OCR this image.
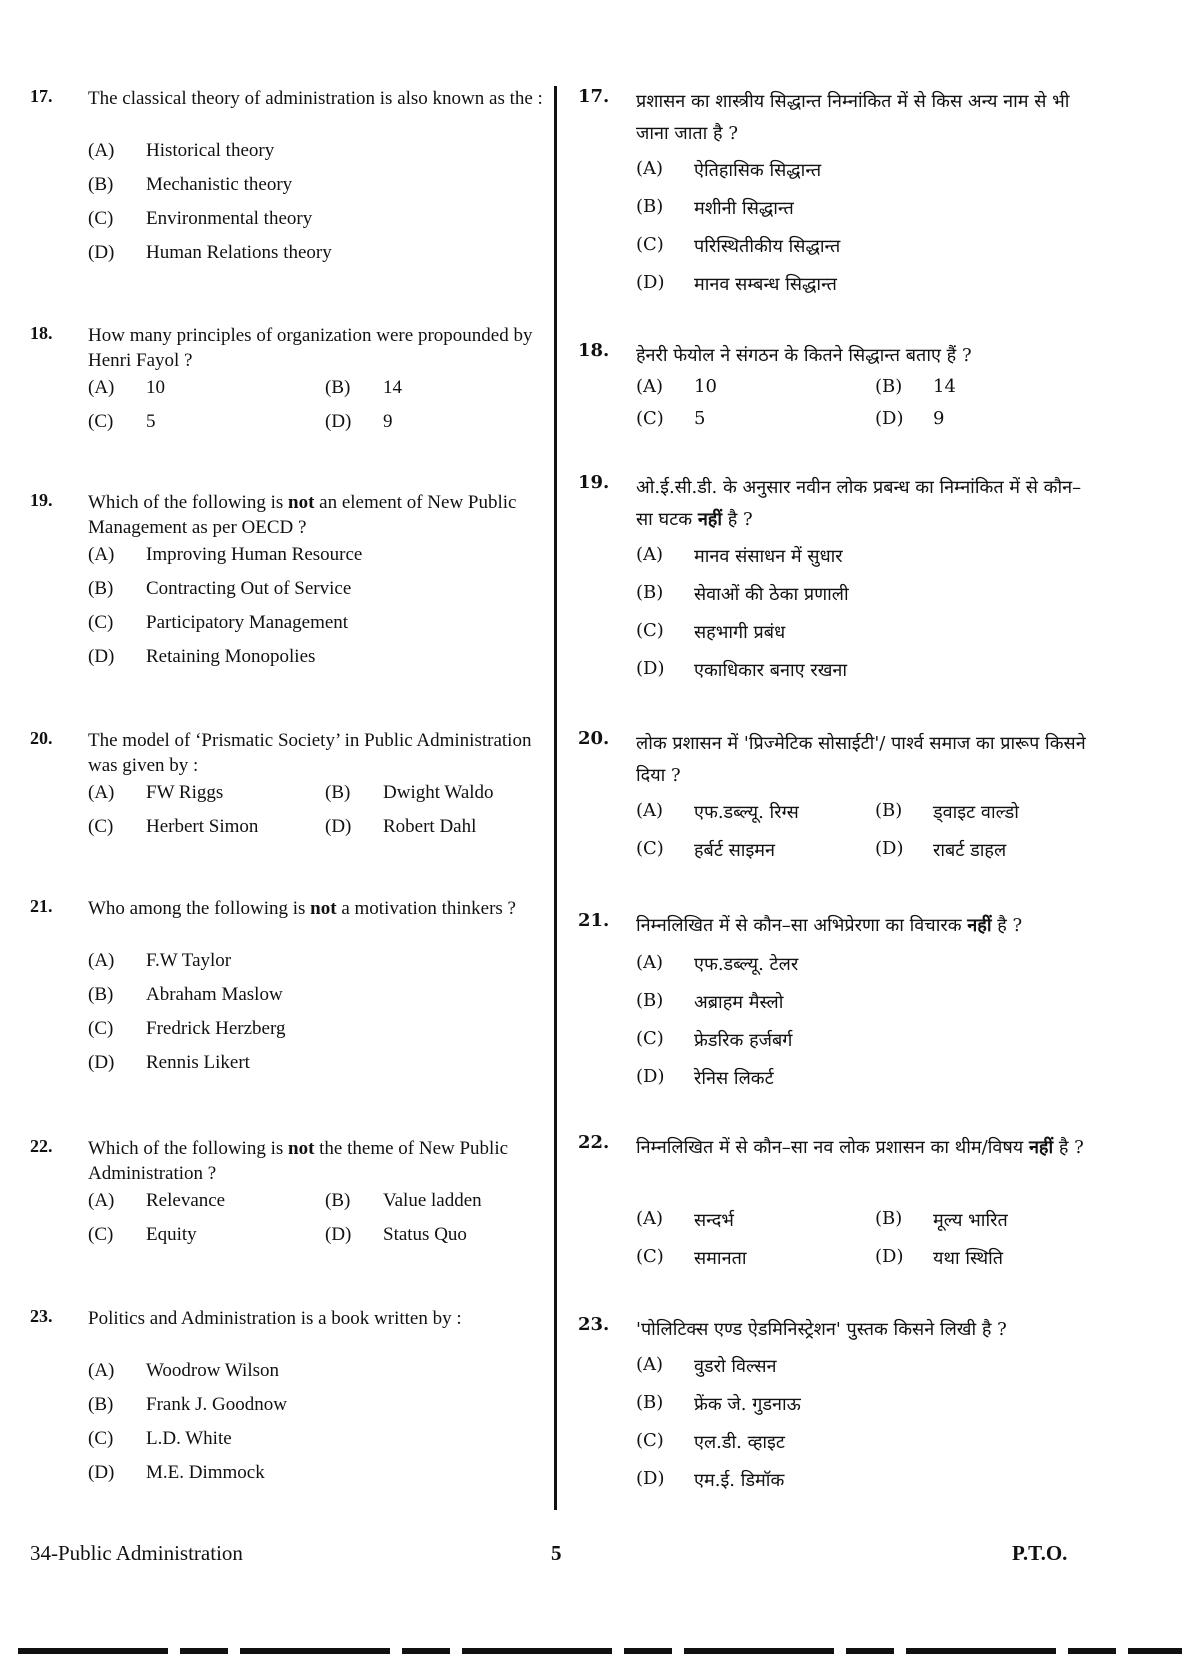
17. The classical theory of administration is also known as the :
(A) Historical theory
(B) Mechanistic theory
(C) Environmental theory
(D) Human Relations theory
18. How many principles of organization were propounded by Henri Fayol ?
(A) 10	(B) 14
(C) 5	(D) 9
19. Which of the following is not an element of New Public Management as per OECD ?
(A) Improving Human Resource
(B) Contracting Out of Service
(C) Participatory Management
(D) Retaining Monopolies
20. The model of ‘Prismatic Society’ in Public Administration was given by :
(A) FW Riggs	(B) Dwight Waldo
(C) Herbert Simon	(D) Robert Dahl
21. Who among the following is not a motivation thinkers ?
(A) F.W Taylor
(B) Abraham Maslow
(C) Fredrick Herzberg
(D) Rennis Likert
22. Which of the following is not the theme of New Public Administration ?
(A) Relevance	(B) Value ladden
(C) Equity	(D) Status Quo
23. Politics and Administration is a book written by :
(A) Woodrow Wilson
(B) Frank J. Goodnow
(C) L.D. White
(D) M.E. Dimmock
17. प्रशासन का शास्त्रीय सिद्धान्त निम्नांकित में से किस अन्य नाम से भी जाना जाता है ?
(A) ऐतिहासिक सिद्धान्त
(B) मशीनी सिद्धान्त
(C) परिस्थितीकीय सिद्धान्त
(D) मानव सम्बन्ध सिद्धान्त
18. हेनरी फेयोल ने संगठन के कितने सिद्धान्त बताए हैं ?
(A) 10	(B) 14
(C) 5	(D) 9
19. ओ.ई.सी.डी. के अनुसार नवीन लोक प्रबन्ध का निम्नांकित में से कौन–सा घटक नहीं है ?
(A) मानव संसाधन में सुधार
(B) सेवाओं की ठेका प्रणाली
(C) सहभागी प्रबंध
(D) एकाधिकार बनाए रखना
20. लोक प्रशासन में 'प्रिज्मेटिक सोसाईटी'/ पार्श्व समाज का प्रारूप किसने दिया ?
(A) एफ.डब्ल्यू. रिग्स	(B) ड्वाइट वाल्डो
(C) हर्बर्ट साइमन	(D) राबर्ट डाहल
21. निम्नलिखित में से कौन–सा अभिप्रेरणा का विचारक नहीं है ?
(A) एफ.डब्ल्यू. टेलर
(B) अब्राहम मैस्लो
(C) फ्रेडरिक हर्जबर्ग
(D) रेनिस लिकर्ट
22. निम्नलिखित में से कौन–सा नव लोक प्रशासन का थीम/विषय नहीं है ?
(A) सन्दर्भ	(B) मूल्य भारित
(C) समानता	(D) यथा स्थिति
23. 'पोलिटिक्स एण्ड ऐडमिनिस्ट्रेशन' पुस्तक किसने लिखी है ?
(A) वुडरो विल्सन
(B) फ्रेंक जे. गुडनाऊ
(C) एल.डी. व्हाइट
(D) एम.ई. डिमॉक
34-Public Administration	5	P.T.O.
